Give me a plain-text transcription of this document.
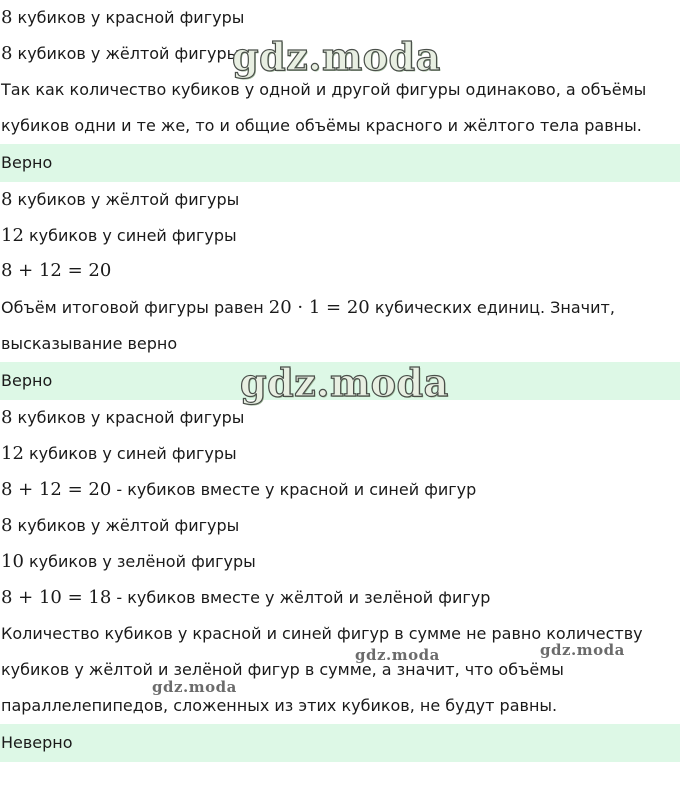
8 кубиков у красной фигуры
8 кубиков у жёлтой фигуры
Так как количество кубиков у одной и другой фигуры одинаково, а объёмы
кубиков одни и те же, то и общие объёмы красного и жёлтого тела равны.
Верно
8 кубиков у жёлтой фигуры
12 кубиков у синей фигуры
8 + 12 = 20
Объём итоговой фигуры равен 20 · 1 = 20 кубических единиц. Значит,
высказывание верно
Верно
8 кубиков у красной фигуры
12 кубиков у синей фигуры
8 + 12 = 20 - кубиков вместе у красной и синей фигур
8 кубиков у жёлтой фигуры
10 кубиков у зелёной фигуры
8 + 10 = 18 - кубиков вместе у жёлтой и зелёной фигур
Количество кубиков у красной и синей фигур в сумме не равно количеству
кубиков у жёлтой и зелёной фигур в сумме, а значит, что объёмы
параллелепипедов, сложенных из этих кубиков, не будут равны.
Неверно
gdz.moda
gdz.moda
gdz.moda	gdz.moda
gdz.moda
